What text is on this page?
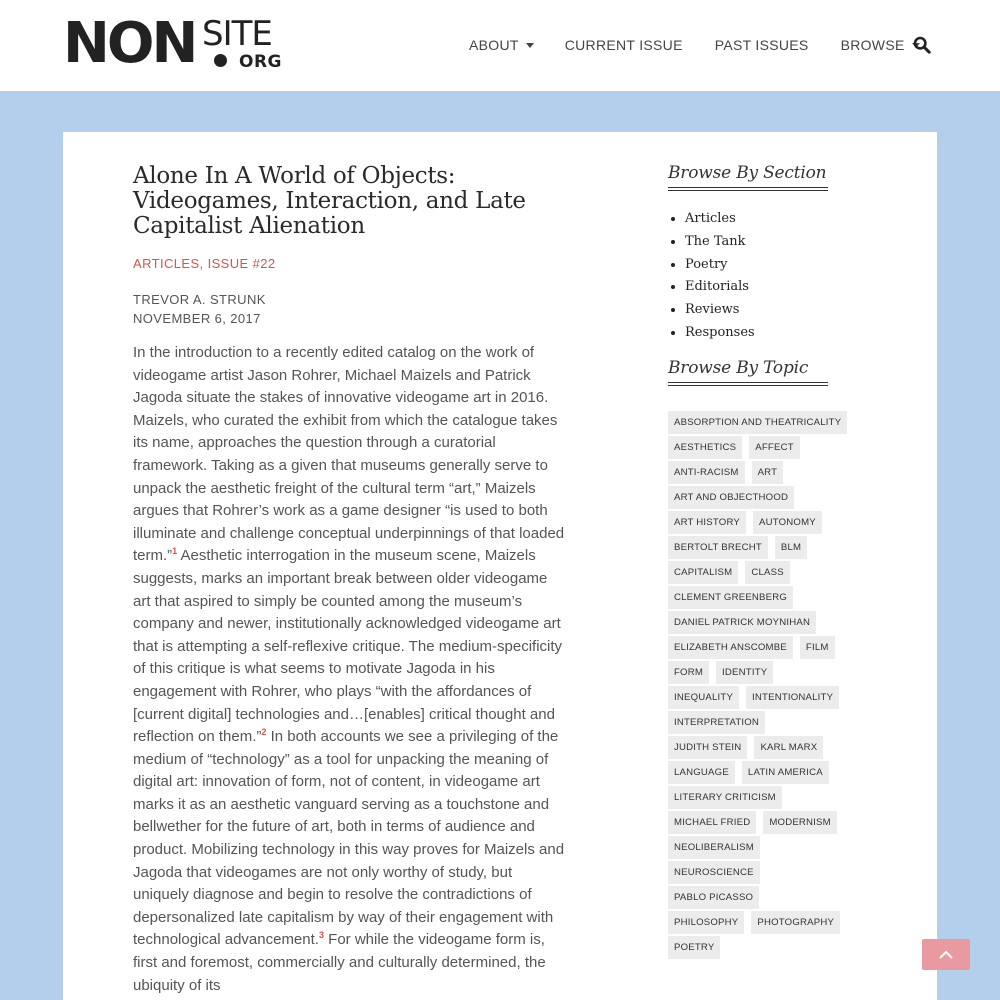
NON SITE
ORG
ABOUT	CURRENT ISSUE PAST ISSUES BROWSE
Alone In A World of Objects: Videogames, Interaction, and Late Capitalist Alienation
ARTICLES, ISSUE #22
TREVOR A. STRUNK
NOVEMBER 6, 2017

In the introduction to a recently edited catalog on the work of videogame artist Jason Rohrer, Michael Maizels and Patrick Jagoda situate the stakes of innovative videogame art in 2016. Maizels, who curated the exhibit from which the catalogue takes its name, approaches the question through a curatorial framework. Taking as a given that museums generally serve to unpack the aesthetic freight of the cultural term “art,” Maizels argues that Rohrer’s work as a game designer “is used to both illuminate and challenge conceptual underpinnings of that loaded term.”$^1$ Aesthetic interrogation in the museum scene, Maizels suggests, marks an important break between older videogame art that aspired to simply be counted among the museum’s company and newer, institutionally acknowledged videogame art that is attempting a self-reflexive critique. The medium-specificity of this critique is what seems to motivate Jagoda in his engagement with Rohrer, who plays “with the affordances of [current digital] technologies and…[enables] critical thought and reflection on them.”$^2$ In both accounts we see a privileging of the medium of “technology” as a tool for unpacking the meaning of digital art: innovation of form, not of content, in videogame art marks it as an aesthetic vanguard serving as a touchstone and bellwether for the future of art, both in terms of audience and product. Mobilizing technology in this way proves for Maizels and Jagoda that videogames are not only worthy of study, but uniquely diagnose and begin to resolve the contradictions of depersonalized late capitalism by way of their engagement with technological advancement.$^3$ For while the videogame form is, first and foremost, commercially and culturally determined, the ubiquity of its

Browse By Section
• Articles
• The Tank
• Poetry
• Editorials
• Reviews
• Responses
Browse By Topic
ABSORPTION AND THEATRICALITY
AESTHETICS	AFFECT
ANTI-RACISM	ART
ART AND OBJECTHOOD
ART HISTORY	AUTONOMY
BERTOLT BRECHT	BLM
CAPITALISM	CLASS
CLEMENT GREENBERG
DANIEL PATRICK MOYNIHAN
ELIZABETH ANSCOMBE	FILM
FORM	IDENTITY
INEQUALITY	INTENTIONALITY
INTERPRETATION
JUDITH STEIN	KARL MARX
LANGUAGE	LATIN AMERICA
LITERARY CRITICISM
MICHAEL FRIED	MODERNISM
NEOLIBERALISM
NEUROSCIENCE
PABLO PICASSO
PHILOSOPHY	PHOTOGRAPHY
POETRY
